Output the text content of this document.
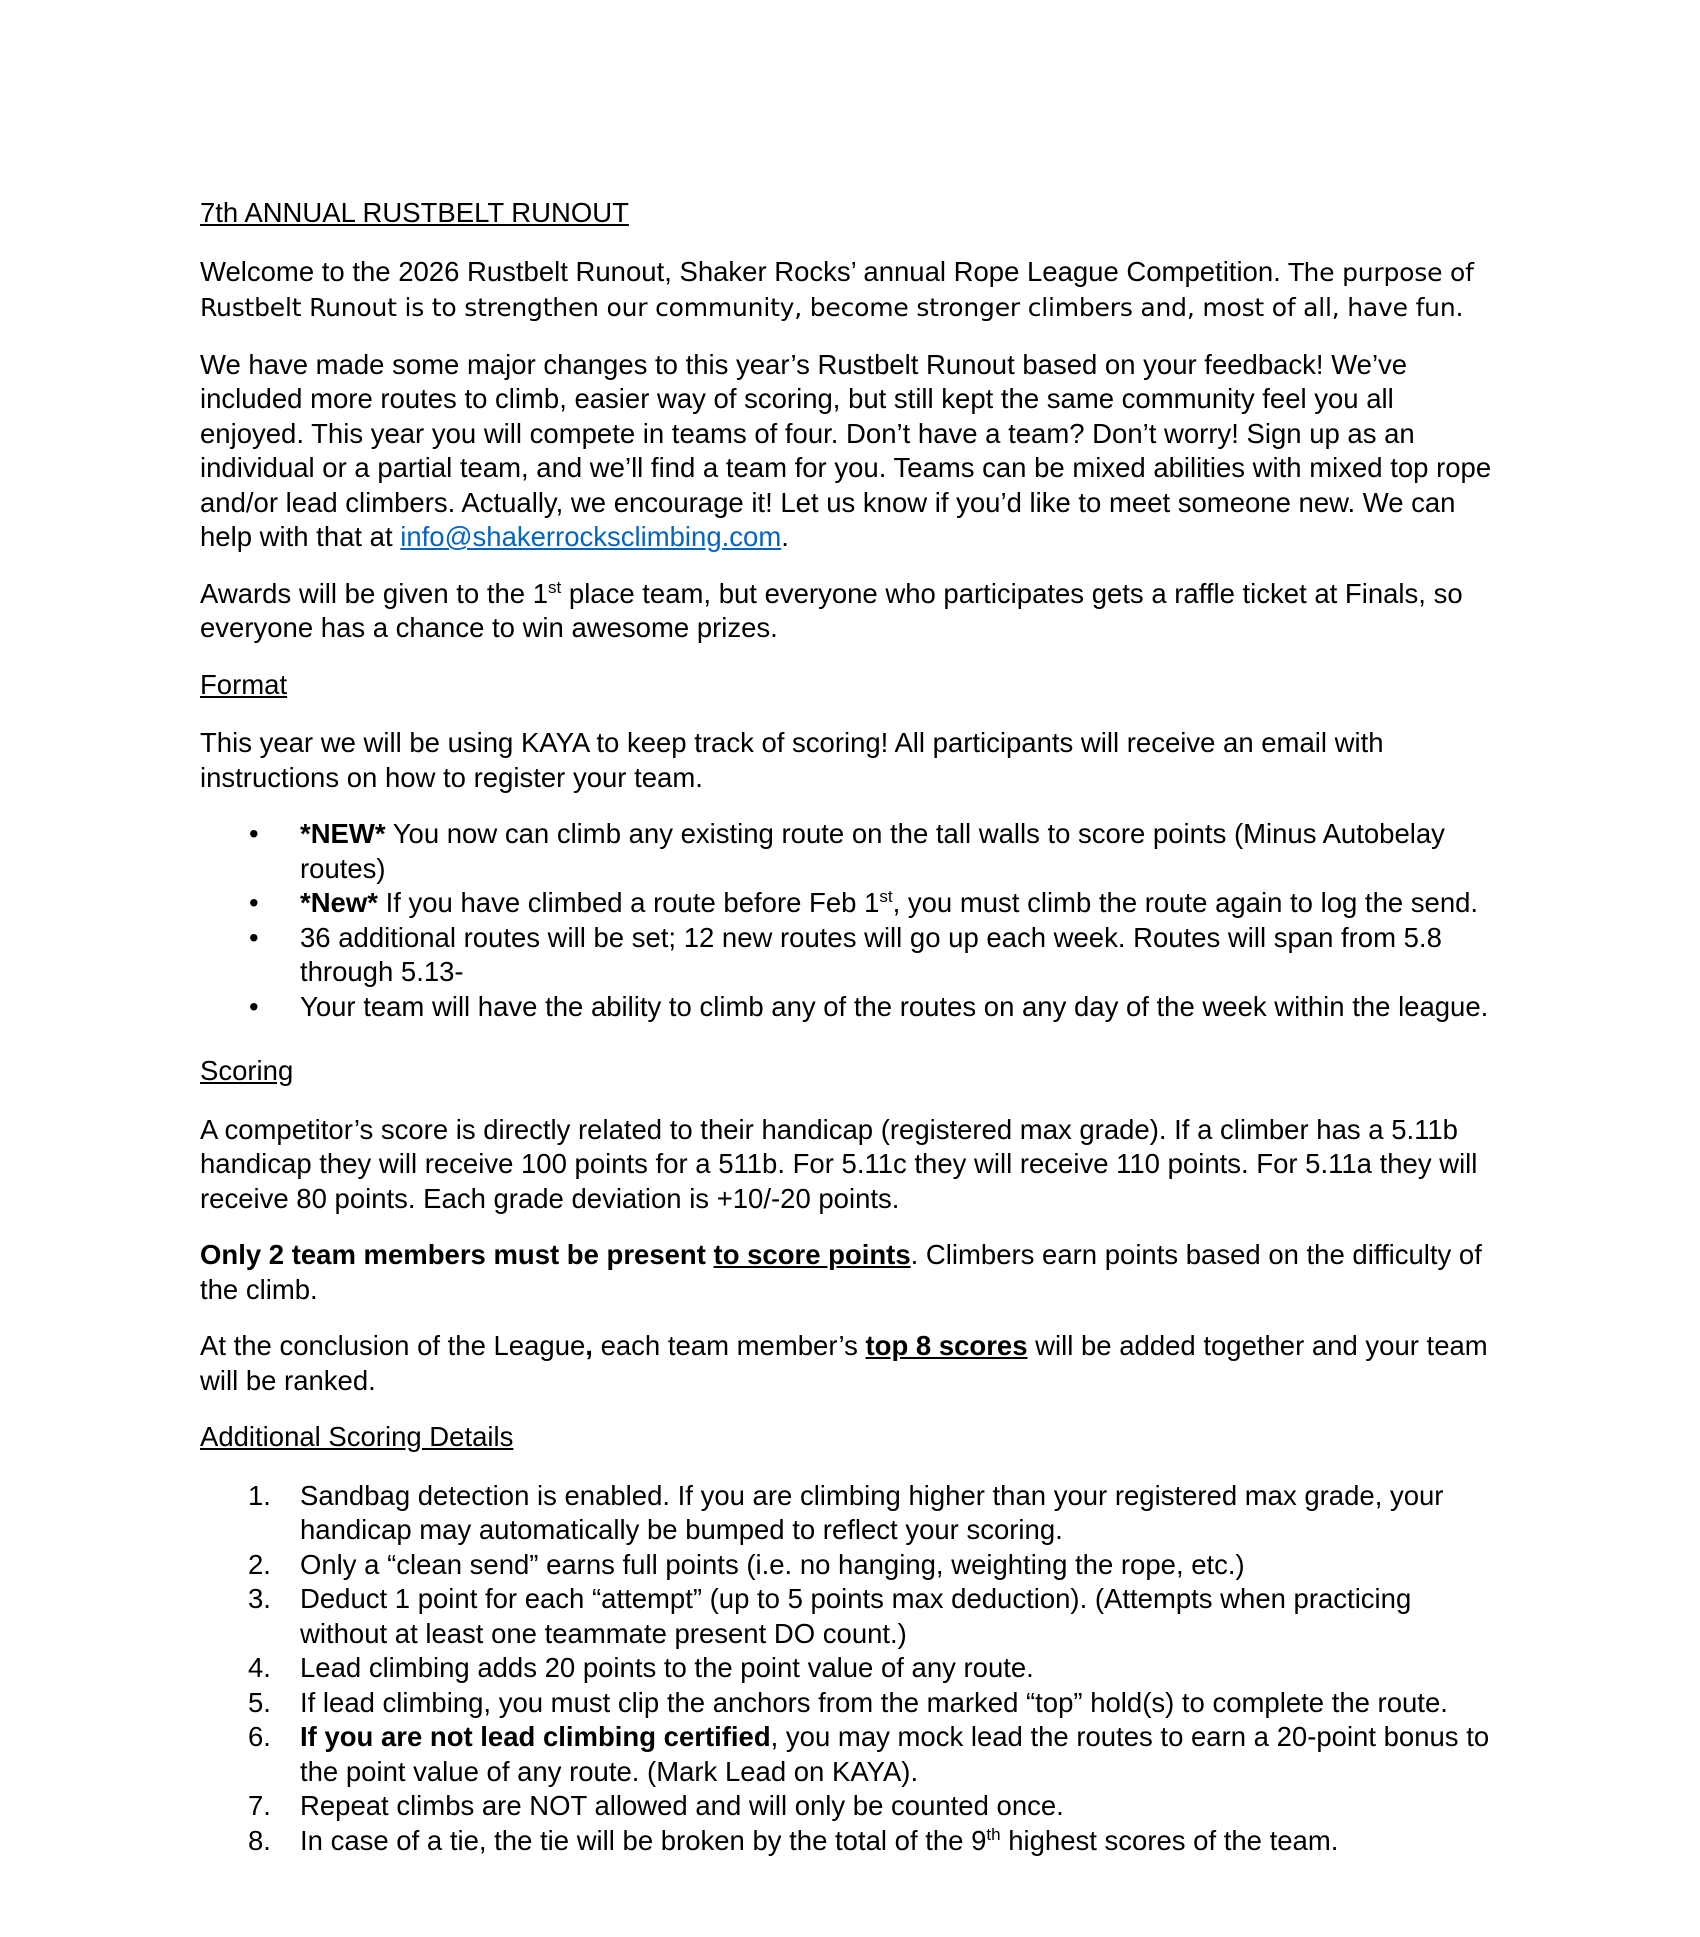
7th ANNUAL RUSTBELT RUNOUT

Welcome to the 2026 Rustbelt Runout, Shaker Rocks’ annual Rope League Competition. The purpose of Rustbelt Runout is to strengthen our community, become stronger climbers and, most of all, have fun.

We have made some major changes to this year’s Rustbelt Runout based on your feedback! We’ve included more routes to climb, easier way of scoring, but still kept the same community feel you all enjoyed. This year you will compete in teams of four. Don’t have a team? Don’t worry! Sign up as an individual or a partial team, and we’ll find a team for you. Teams can be mixed abilities with mixed top rope and/or lead climbers. Actually, we encourage it! Let us know if you’d like to meet someone new. We can help with that at info@shakerrocksclimbing.com.

Awards will be given to the 1st place team, but everyone who participates gets a raffle ticket at Finals, so everyone has a chance to win awesome prizes.

Format

This year we will be using KAYA to keep track of scoring! All participants will receive an email with instructions on how to register your team.

• *NEW* You now can climb any existing route on the tall walls to score points (Minus Autobelay routes)
• *New* If you have climbed a route before Feb 1st, you must climb the route again to log the send.
• 36 additional routes will be set; 12 new routes will go up each week. Routes will span from 5.8 through 5.13-
• Your team will have the ability to climb any of the routes on any day of the week within the league.

Scoring

A competitor’s score is directly related to their handicap (registered max grade). If a climber has a 5.11b handicap they will receive 100 points for a 511b. For 5.11c they will receive 110 points. For 5.11a they will receive 80 points. Each grade deviation is +10/-20 points.

Only 2 team members must be present to score points. Climbers earn points based on the difficulty of the climb.

At the conclusion of the League, each team member’s top 8 scores will be added together and your team will be ranked.

Additional Scoring Details

1. Sandbag detection is enabled. If you are climbing higher than your registered max grade, your handicap may automatically be bumped to reflect your scoring.
2. Only a “clean send” earns full points (i.e. no hanging, weighting the rope, etc.)
3. Deduct 1 point for each “attempt” (up to 5 points max deduction). (Attempts when practicing without at least one teammate present DO count.)
4. Lead climbing adds 20 points to the point value of any route.
5. If lead climbing, you must clip the anchors from the marked “top” hold(s) to complete the route.
6. If you are not lead climbing certified, you may mock lead the routes to earn a 20-point bonus to the point value of any route. (Mark Lead on KAYA).
7. Repeat climbs are NOT allowed and will only be counted once.
8. In case of a tie, the tie will be broken by the total of the 9th highest scores of the team.
